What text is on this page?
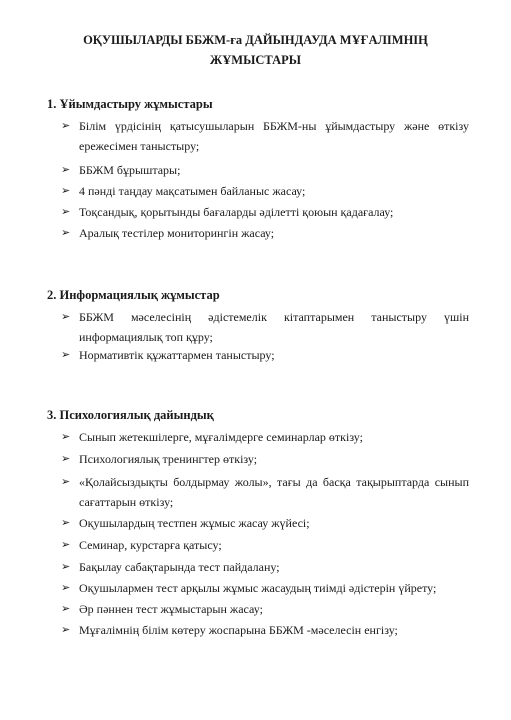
ОҚУШЫЛАРДЫ ББЖМ-ға ДАЙЫНДАУДА МҰҒАЛІМНІҢ
ЖҰМЫСТАРЫ
1. Ұйымдастыру жұмыстары
➢ Білім үрдісінің қатысушыларын ББЖМ-ны ұйымдастыру және өткізу
ережесімен таныстыру;
➢ ББЖМ бұрыштары;
➢ 4 пәнді таңдау мақсатымен байланыс жасау;
➢ Тоқсандық, қорытынды бағаларды әділетті қоюын қадағалау;
➢ Аралық тестілер мониторингін жасау;
2. Информациялық жұмыстар
➢ ББЖМ мәселесінің әдістемелік кітаптарымен таныстыру үшін
информациялық топ құру;
➢ Нормативтік құжаттармен таныстыру;
3. Психологиялық дайындық
➢ Сынып жетекшілерге, мұғалімдерге семинарлар өткізу;
➢ Психологиялық тренингтер өткізу;
➢ «Қолайсыздықты болдырмау жолы», тағы да басқа тақырыптарда сынып
сағаттарын өткізу;
➢ Оқушылардың тестпен жұмыс жасау жүйесі;
➢ Семинар, курстарға қатысу;
➢ Бақылау сабақтарында тест пайдалану;
➢ Оқушылармен тест арқылы жұмыс жасаудың тиімді әдістерін үйрету;
➢ Әр пәннен тест жұмыстарын жасау;
➢ Мұғалімнің білім көтеру жоспарына ББЖМ -мәселесін енгізу;
